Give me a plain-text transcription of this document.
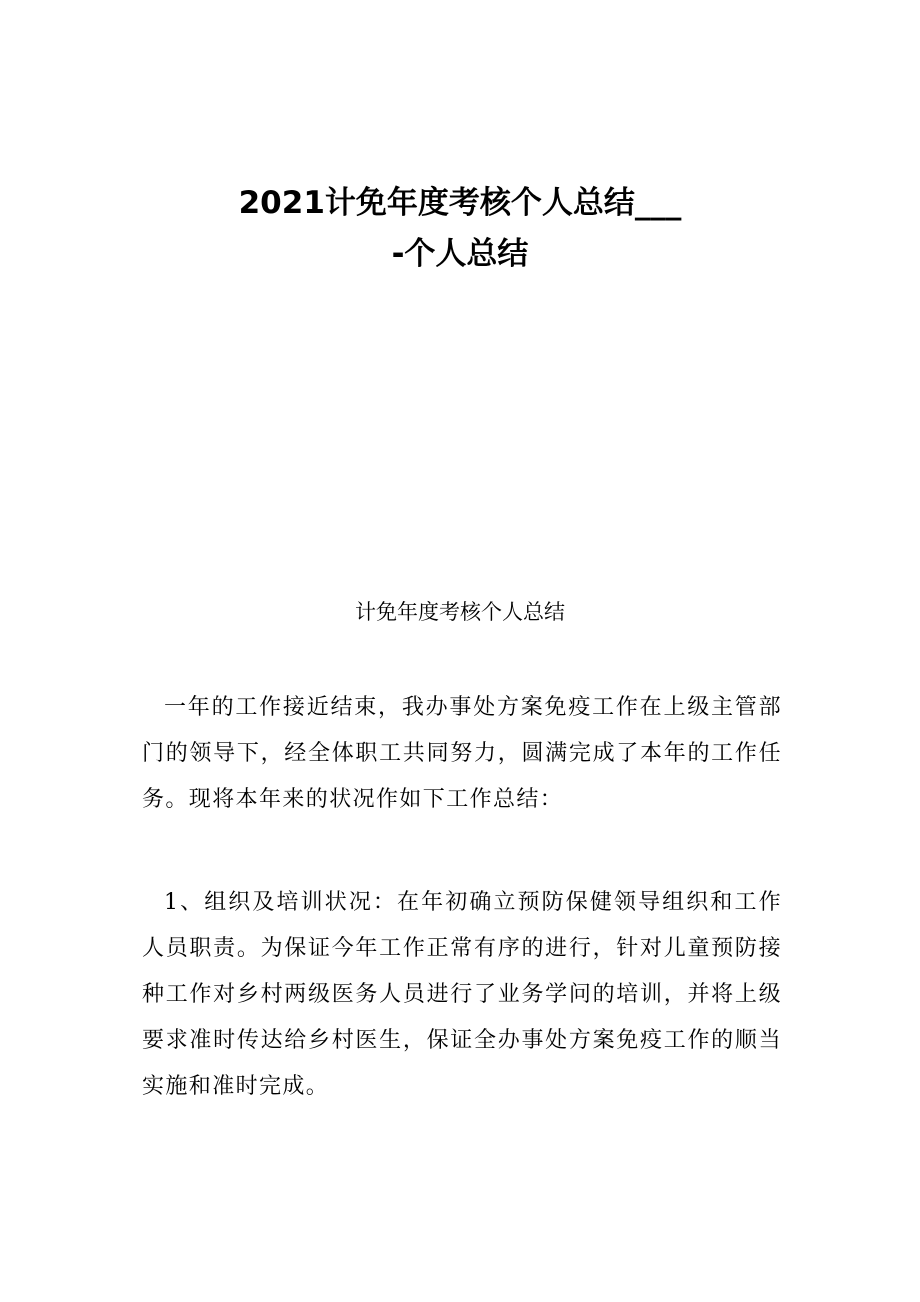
2021计免年度考核个人总结___
-个人总结
计免年度考核个人总结

一年的工作接近结束，我办事处方案免疫工作在上级主管部门的领导下，经全体职工共同努力，圆满完成了本年的工作任务。现将本年来的状况作如下工作总结：

1、组织及培训状况：在年初确立预防保健领导组织和工作人员职责。为保证今年工作正常有序的进行，针对儿童预防接种工作对乡村两级医务人员进行了业务学问的培训，并将上级要求准时传达给乡村医生，保证全办事处方案免疫工作的顺当实施和准时完成。
